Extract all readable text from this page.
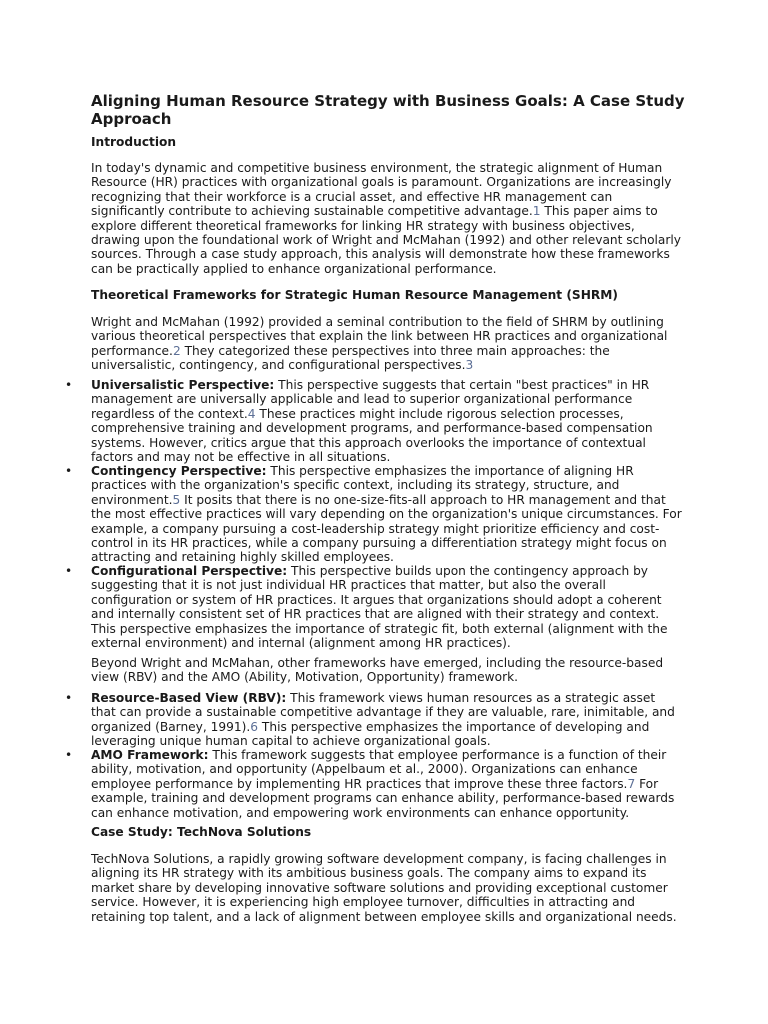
Aligning Human Resource Strategy with Business Goals: A Case Study Approach
Introduction

In today's dynamic and competitive business environment, the strategic alignment of Human Resource (HR) practices with organizational goals is paramount. Organizations are increasingly recognizing that their workforce is a crucial asset, and effective HR management can significantly contribute to achieving sustainable competitive advantage.1 This paper aims to explore different theoretical frameworks for linking HR strategy with business objectives, drawing upon the foundational work of Wright and McMahan (1992) and other relevant scholarly sources. Through a case study approach, this analysis will demonstrate how these frameworks can be practically applied to enhance organizational performance.

Theoretical Frameworks for Strategic Human Resource Management (SHRM)

Wright and McMahan (1992) provided a seminal contribution to the field of SHRM by outlining various theoretical perspectives that explain the link between HR practices and organizational performance.2 They categorized these perspectives into three main approaches: the universalistic, contingency, and configurational perspectives.3

• Universalistic Perspective: This perspective suggests that certain "best practices" in HR management are universally applicable and lead to superior organizational performance regardless of the context.4 These practices might include rigorous selection processes, comprehensive training and development programs, and performance-based compensation systems. However, critics argue that this approach overlooks the importance of contextual factors and may not be effective in all situations.
• Contingency Perspective: This perspective emphasizes the importance of aligning HR practices with the organization's specific context, including its strategy, structure, and environment.5 It posits that there is no one-size-fits-all approach to HR management and that the most effective practices will vary depending on the organization's unique circumstances. For example, a company pursuing a cost-leadership strategy might prioritize efficiency and cost-control in its HR practices, while a company pursuing a differentiation strategy might focus on attracting and retaining highly skilled employees.
• Configurational Perspective: This perspective builds upon the contingency approach by suggesting that it is not just individual HR practices that matter, but also the overall configuration or system of HR practices. It argues that organizations should adopt a coherent and internally consistent set of HR practices that are aligned with their strategy and context. This perspective emphasizes the importance of strategic fit, both external (alignment with the external environment) and internal (alignment among HR practices).

Beyond Wright and McMahan, other frameworks have emerged, including the resource-based view (RBV) and the AMO (Ability, Motivation, Opportunity) framework.

• Resource-Based View (RBV): This framework views human resources as a strategic asset that can provide a sustainable competitive advantage if they are valuable, rare, inimitable, and organized (Barney, 1991).6 This perspective emphasizes the importance of developing and leveraging unique human capital to achieve organizational goals.
• AMO Framework: This framework suggests that employee performance is a function of their ability, motivation, and opportunity (Appelbaum et al., 2000). Organizations can enhance employee performance by implementing HR practices that improve these three factors.7 For example, training and development programs can enhance ability, performance-based rewards can enhance motivation, and empowering work environments can enhance opportunity.
Case Study: TechNova Solutions

TechNova Solutions, a rapidly growing software development company, is facing challenges in aligning its HR strategy with its ambitious business goals. The company aims to expand its market share by developing innovative software solutions and providing exceptional customer service. However, it is experiencing high employee turnover, difficulties in attracting and retaining top talent, and a lack of alignment between employee skills and organizational needs.
